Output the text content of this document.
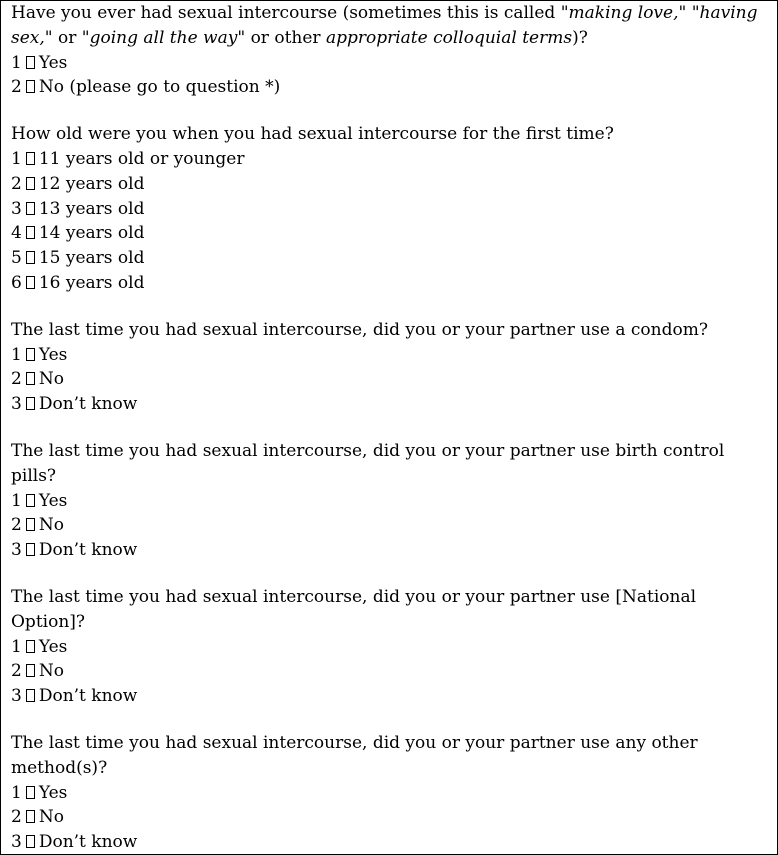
Have you ever had sexual intercourse (sometimes this is called "making love," "having sex," or "going all the way" or other appropriate colloquial terms)?
1 Yes
2 No (please go to question *)
How old were you when you had sexual intercourse for the first time?
1 11 years old or younger
2 12 years old
3 13 years old
4 14 years old
5 15 years old
6 16 years old
The last time you had sexual intercourse, did you or your partner use a condom?
1 Yes
2 No
3 Don’t know
The last time you had sexual intercourse, did you or your partner use birth control pills?
1 Yes
2 No
3 Don’t know
The last time you had sexual intercourse, did you or your partner use [National Option]?
1 Yes
2 No
3 Don’t know
The last time you had sexual intercourse, did you or your partner use any other method(s)?
1 Yes
2 No
3 Don’t know
